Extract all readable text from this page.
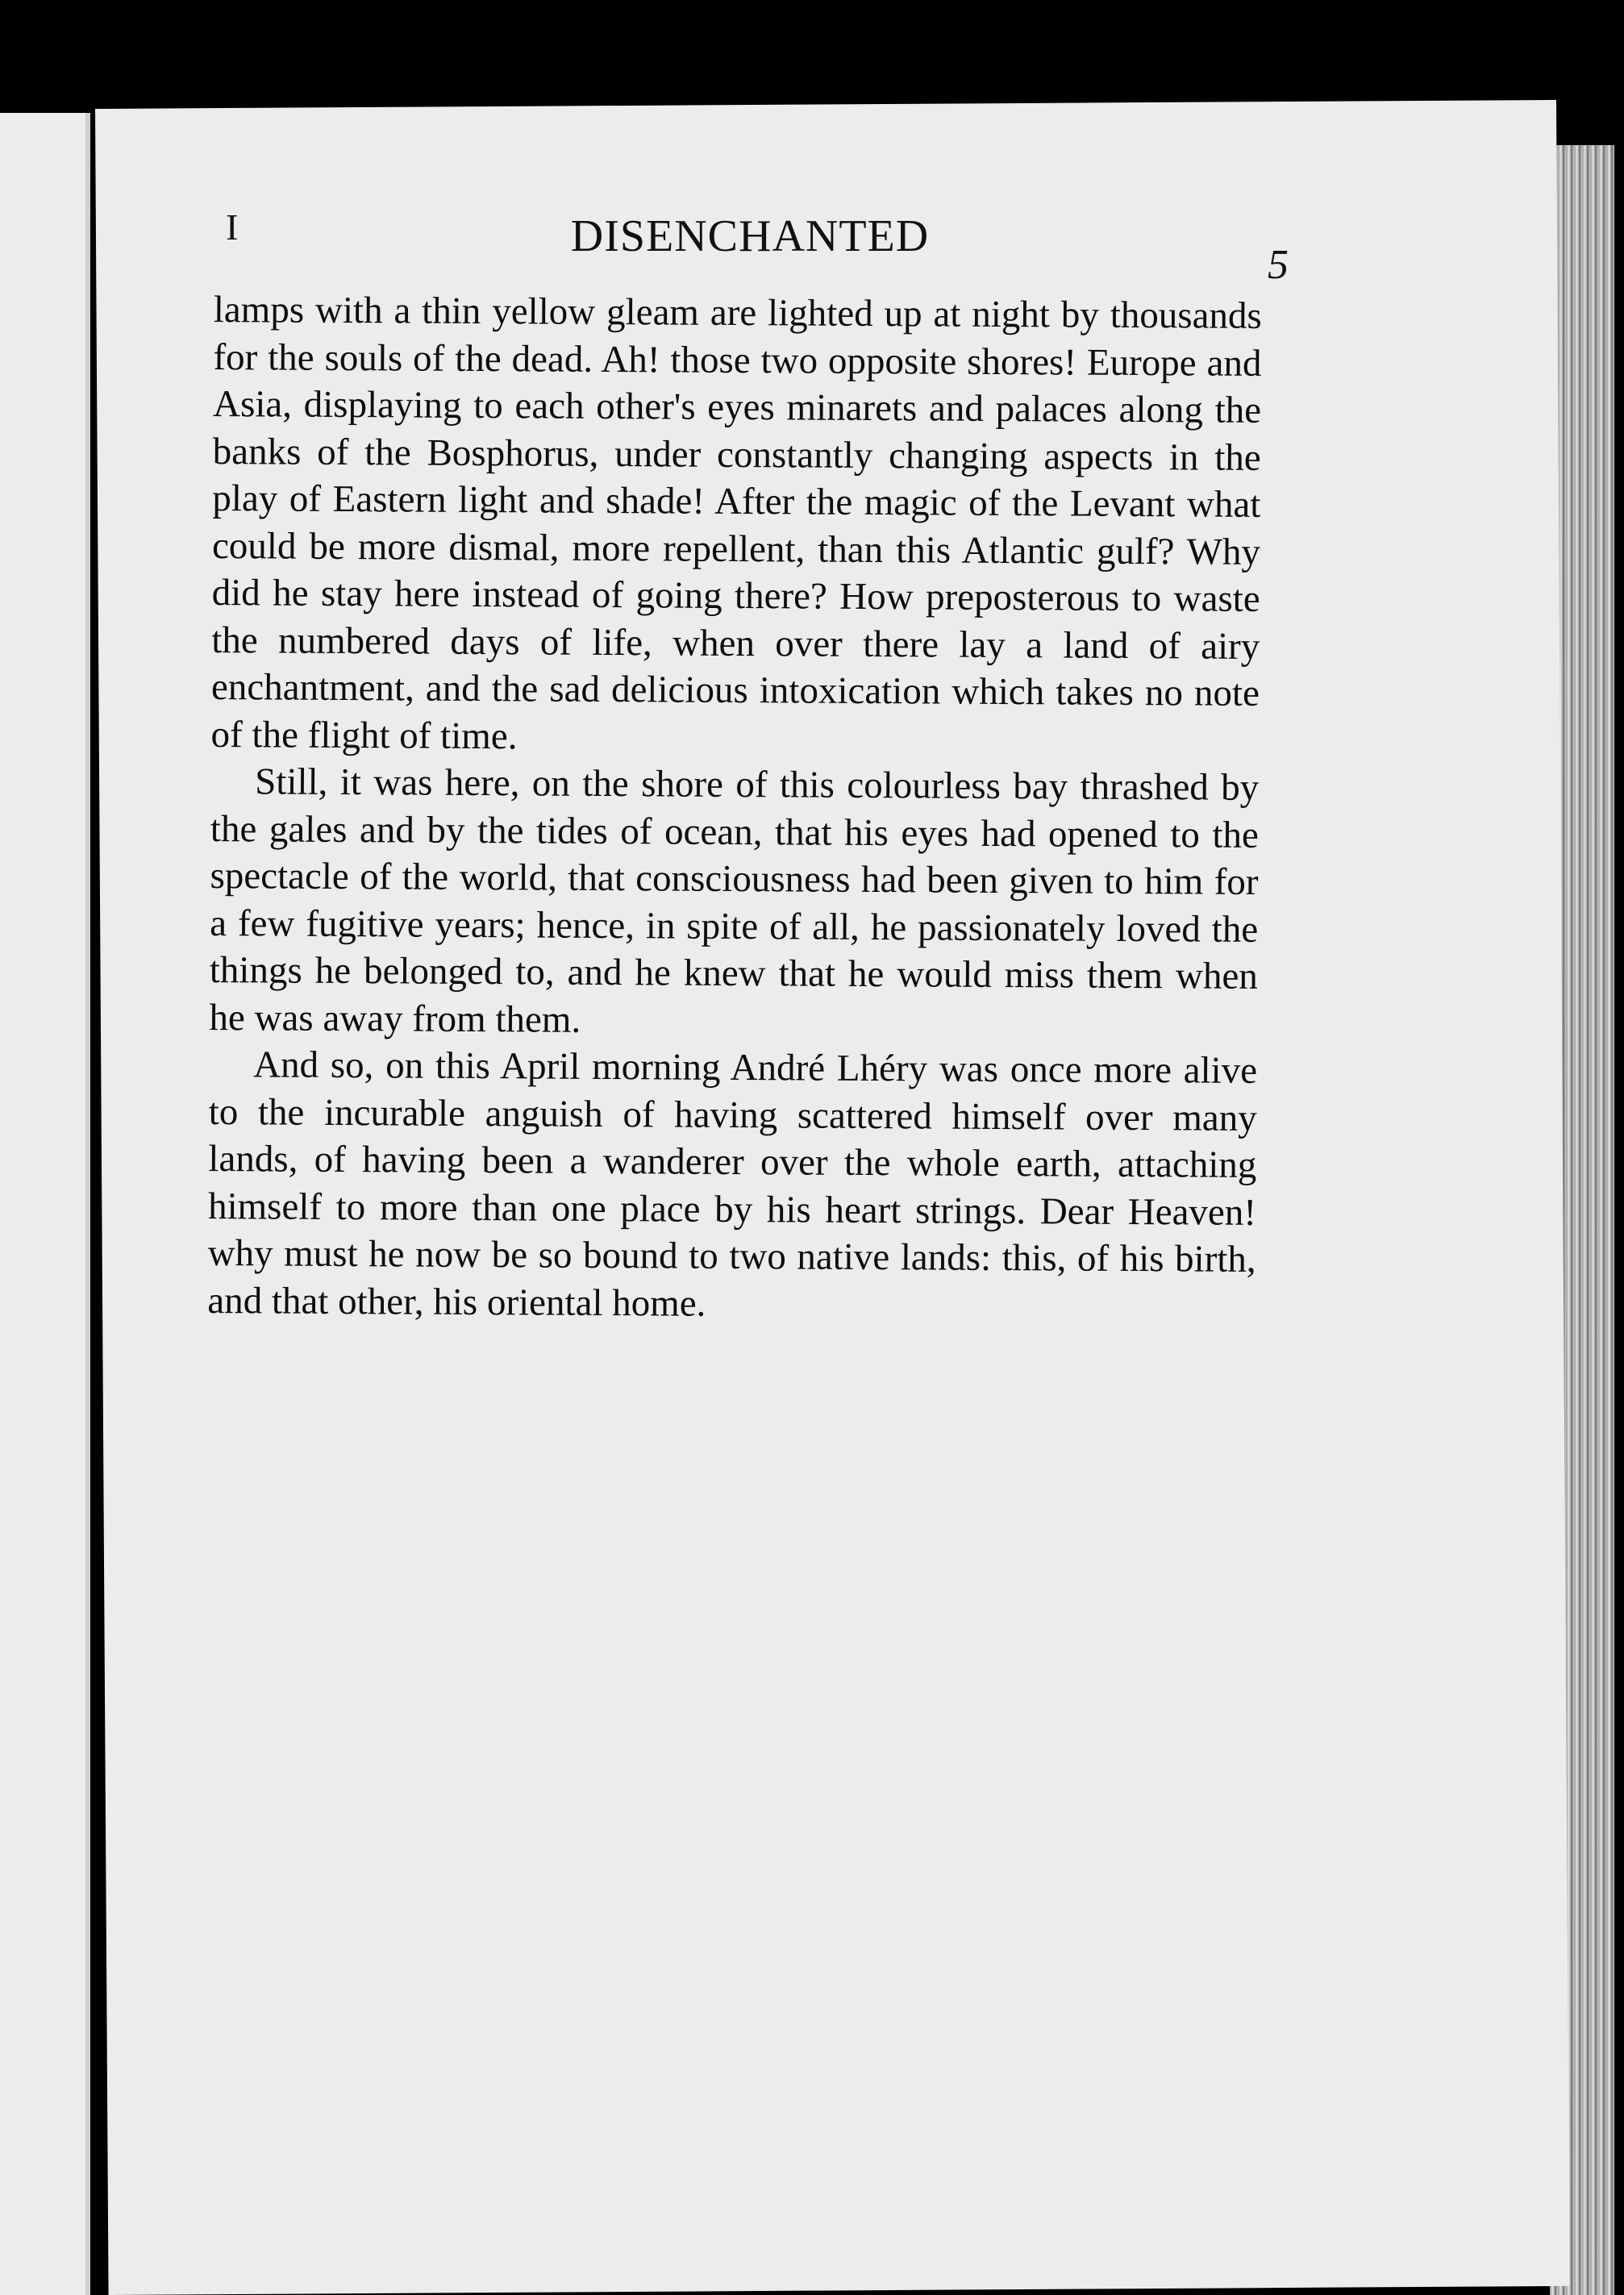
I	DISENCHANTED
5

lamps with a thin yellow gleam are lighted up at night by thousands for the souls of the dead. Ah! those two opposite shores! Europe and Asia, displaying to each other's eyes minarets and palaces along the banks of the Bosphorus, under constantly changing aspects in the play of Eastern light and shade! After the magic of the Levant what could be more dismal, more repellent, than this Atlantic gulf? Why did he stay here instead of going there? How preposterous to waste the numbered days of life, when over there lay a land of airy enchantment, and the sad delicious intoxication which takes no note of the flight of time.

Still, it was here, on the shore of this colourless bay thrashed by the gales and by the tides of ocean, that his eyes had opened to the spectacle of the world, that consciousness had been given to him for a few fugitive years; hence, in spite of all, he passionately loved the things he belonged to, and he knew that he would miss them when he was away from them.

And so, on this April morning André Lhéry was once more alive to the incurable anguish of having scattered himself over many lands, of having been a wanderer over the whole earth, attaching himself to more than one place by his heart strings. Dear Heaven! why must he now be so bound to two native lands: this, of his birth, and that other, his oriental home.
